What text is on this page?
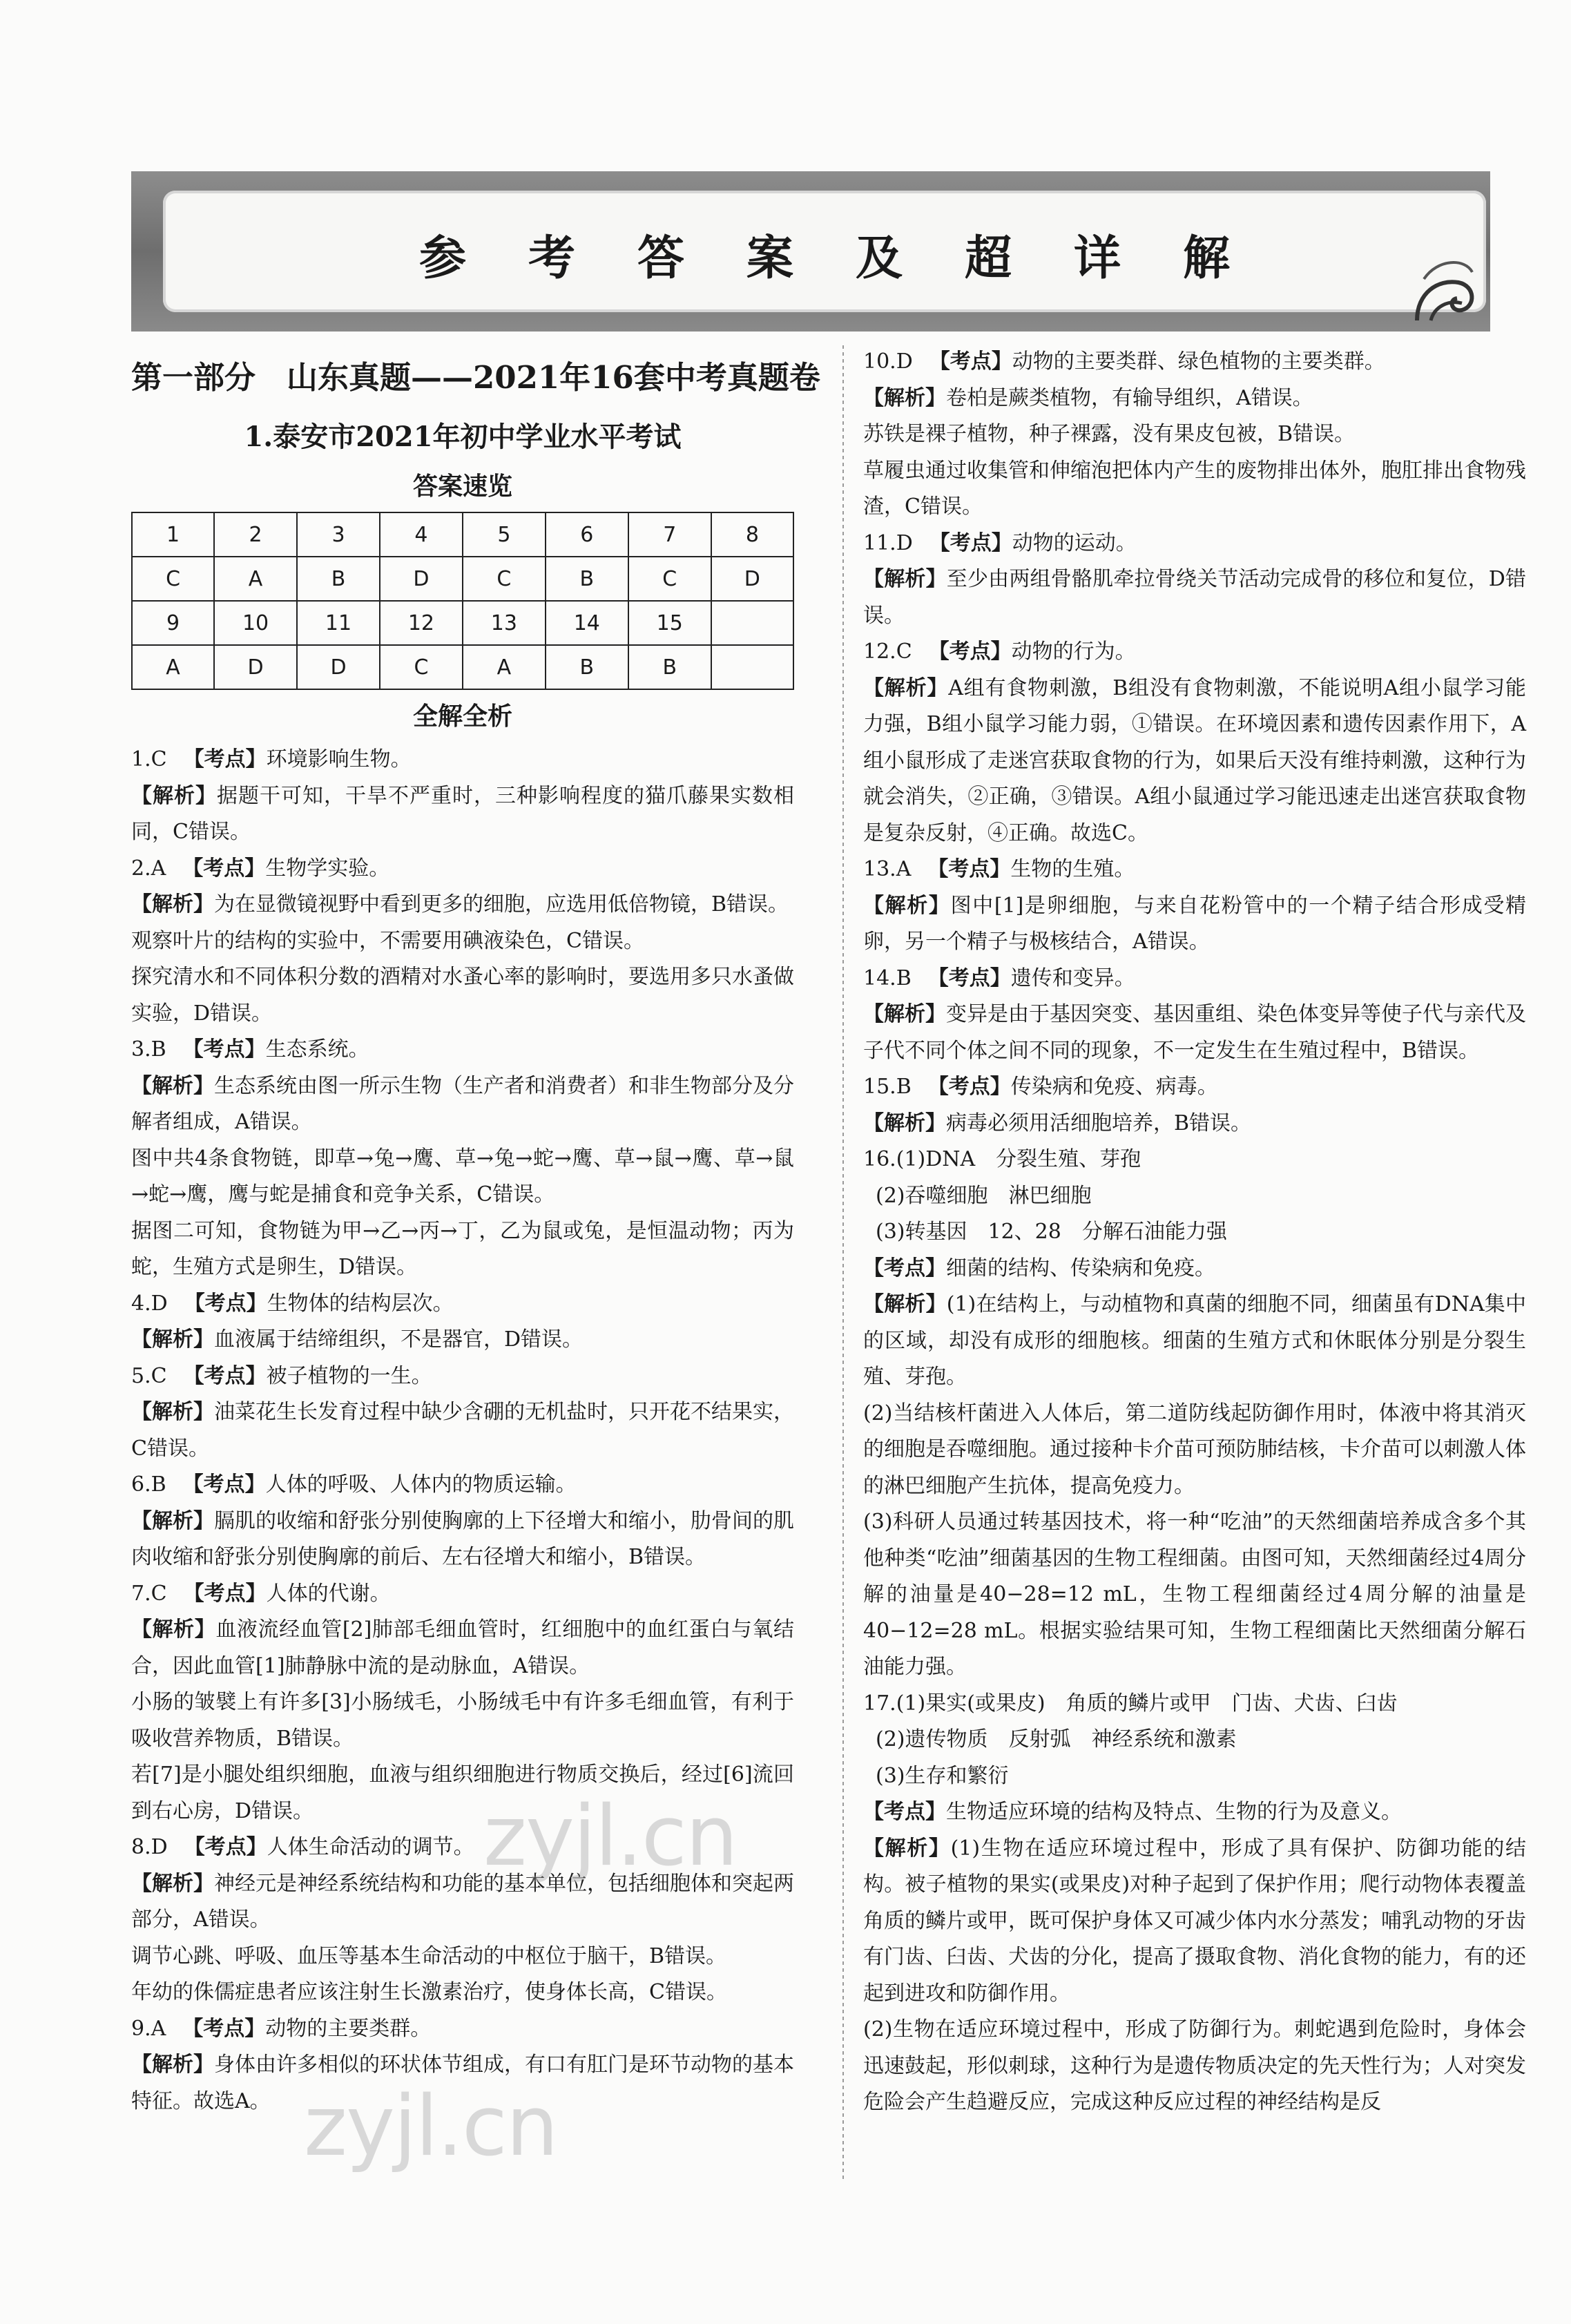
参 考 答 案 及 超 详 解
第一部分　山东真题——2021年16套中考真题卷
1.泰安市2021年初中学业水平考试
答案速览
1	2	3	4	5	6	7	8
C	A	B	D	C	B	C	D
9	10	11	12	13	14	15	
A	D	D	C	A	B	B	
全解全析

1.C 【考点】环境影响生物。

【解析】据题干可知，干旱不严重时，三种影响程度的猫爪藤果实数相同，C错误。

2.A 【考点】生物学实验。

【解析】为在显微镜视野中看到更多的细胞，应选用低倍物镜，B错误。

观察叶片的结构的实验中，不需要用碘液染色，C错误。

探究清水和不同体积分数的酒精对水蚤心率的影响时，要选用多只水蚤做实验，D错误。

3.B 【考点】生态系统。

【解析】生态系统由图一所示生物（生产者和消费者）和非生物部分及分解者组成，A错误。

图中共4条食物链，即草→兔→鹰、草→兔→蛇→鹰、草→鼠→鹰、草→鼠→蛇→鹰，鹰与蛇是捕食和竞争关系，C错误。

据图二可知，食物链为甲→乙→丙→丁，乙为鼠或兔，是恒温动物；丙为蛇，生殖方式是卵生，D错误。

4.D 【考点】生物体的结构层次。

【解析】血液属于结缔组织，不是器官，D错误。

5.C 【考点】被子植物的一生。

【解析】油菜花生长发育过程中缺少含硼的无机盐时，只开花不结果实，C错误。

6.B 【考点】人体的呼吸、人体内的物质运输。

【解析】膈肌的收缩和舒张分别使胸廓的上下径增大和缩小，肋骨间的肌肉收缩和舒张分别使胸廓的前后、左右径增大和缩小，B错误。

7.C 【考点】人体的代谢。

【解析】血液流经血管[2]肺部毛细血管时，红细胞中的血红蛋白与氧结合，因此血管[1]肺静脉中流的是动脉血，A错误。

小肠的皱襞上有许多[3]小肠绒毛，小肠绒毛中有许多毛细血管，有利于吸收营养物质，B错误。

若[7]是小腿处组织细胞，血液与组织细胞进行物质交换后，经过[6]流回到右心房，D错误。

8.D 【考点】人体生命活动的调节。

【解析】神经元是神经系统结构和功能的基本单位，包括细胞体和突起两部分，A错误。

调节心跳、呼吸、血压等基本生命活动的中枢位于脑干，B错误。

年幼的侏儒症患者应该注射生长激素治疗，使身体长高，C错误。

9.A 【考点】动物的主要类群。

【解析】身体由许多相似的环状体节组成，有口有肛门是环节动物的基本特征。故选A。

10.D 【考点】动物的主要类群、绿色植物的主要类群。

【解析】卷柏是蕨类植物，有输导组织，A错误。

苏铁是裸子植物，种子裸露，没有果皮包被，B错误。

草履虫通过收集管和伸缩泡把体内产生的废物排出体外，胞肛排出食物残渣，C错误。

11.D 【考点】动物的运动。

【解析】至少由两组骨骼肌牵拉骨绕关节活动完成骨的移位和复位，D错误。

12.C 【考点】动物的行为。

【解析】A组有食物刺激，B组没有食物刺激，不能说明A组小鼠学习能力强，B组小鼠学习能力弱，①错误。在环境因素和遗传因素作用下，A组小鼠形成了走迷宫获取食物的行为，如果后天没有维持刺激，这种行为就会消失，②正确，③错误。A组小鼠通过学习能迅速走出迷宫获取食物是复杂反射，④正确。故选C。

13.A 【考点】生物的生殖。

【解析】图中[1]是卵细胞，与来自花粉管中的一个精子结合形成受精卵，另一个精子与极核结合，A错误。

14.B 【考点】遗传和变异。

【解析】变异是由于基因突变、基因重组、染色体变异等使子代与亲代及子代不同个体之间不同的现象，不一定发生在生殖过程中，B错误。

15.B 【考点】传染病和免疫、病毒。

【解析】病毒必须用活细胞培养，B错误。

16.(1)DNA　分裂生殖、芽孢

(2)吞噬细胞　淋巴细胞

(3)转基因　12、28　分解石油能力强

【考点】细菌的结构、传染病和免疫。

【解析】(1)在结构上，与动植物和真菌的细胞不同，细菌虽有DNA集中的区域，却没有成形的细胞核。细菌的生殖方式和休眠体分别是分裂生殖、芽孢。

(2)当结核杆菌进入人体后，第二道防线起防御作用时，体液中将其消灭的细胞是吞噬细胞。通过接种卡介苗可预防肺结核，卡介苗可以刺激人体的淋巴细胞产生抗体，提高免疫力。

(3)科研人员通过转基因技术，将一种“吃油”的天然细菌培养成含多个其他种类“吃油”细菌基因的生物工程细菌。由图可知，天然细菌经过4周分解的油量是40−28=12 mL，生物工程细菌经过4周分解的油量是40−12=28 mL。根据实验结果可知，生物工程细菌比天然细菌分解石油能力强。

17.(1)果实(或果皮)　角质的鳞片或甲　门齿、犬齿、臼齿

(2)遗传物质　反射弧　神经系统和激素

(3)生存和繁衍

【考点】生物适应环境的结构及特点、生物的行为及意义。

【解析】(1)生物在适应环境过程中，形成了具有保护、防御功能的结构。被子植物的果实(或果皮)对种子起到了保护作用；爬行动物体表覆盖角质的鳞片或甲，既可保护身体又可减少体内水分蒸发；哺乳动物的牙齿有门齿、臼齿、犬齿的分化，提高了摄取食物、消化食物的能力，有的还起到进攻和防御作用。

(2)生物在适应环境过程中，形成了防御行为。刺蛇遇到危险时，身体会迅速鼓起，形似刺球，这种行为是遗传物质决定的先天性行为；人对突发危险会产生趋避反应，完成这种反应过程的神经结构是反

zyjl.cn
zyjl.cn
